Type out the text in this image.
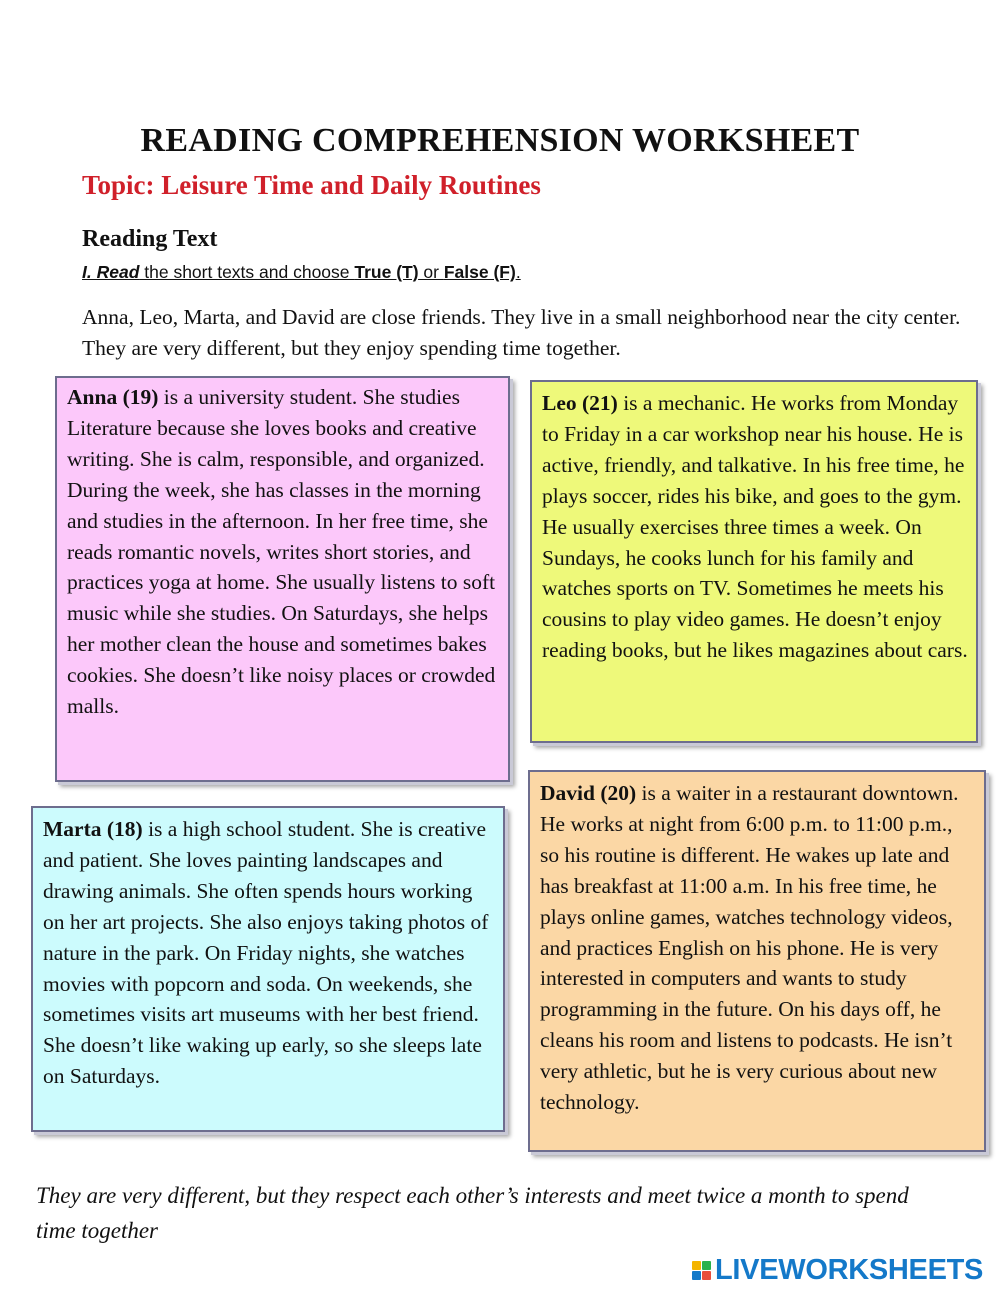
READING COMPREHENSION WORKSHEET
Topic: Leisure Time and Daily Routines
Reading Text
I. Read the short texts and choose True (T) or False (F).
Anna, Leo, Marta, and David are close friends. They live in a small neighborhood near the city center. They are very different, but they enjoy spending time together.
Anna (19) is a university student. She studies Literature because she loves books and creative writing. She is calm, responsible, and organized. During the week, she has classes in the morning and studies in the afternoon. In her free time, she reads romantic novels, writes short stories, and practices yoga at home. She usually listens to soft music while she studies. On Saturdays, she helps her mother clean the house and sometimes bakes cookies. She doesn’t like noisy places or crowded malls.
Leo (21) is a mechanic. He works from Monday to Friday in a car workshop near his house. He is active, friendly, and talkative. In his free time, he plays soccer, rides his bike, and goes to the gym. He usually exercises three times a week. On Sundays, he cooks lunch for his family and watches sports on TV. Sometimes he meets his cousins to play video games. He doesn’t enjoy reading books, but he likes magazines about cars.
Marta (18) is a high school student. She is creative and patient. She loves painting landscapes and drawing animals. She often spends hours working on her art projects. She also enjoys taking photos of nature in the park. On Friday nights, she watches movies with popcorn and soda. On weekends, she sometimes visits art museums with her best friend. She doesn’t like waking up early, so she sleeps late on Saturdays.
David (20) is a waiter in a restaurant downtown. He works at night from 6:00 p.m. to 11:00 p.m., so his routine is different. He wakes up late and has breakfast at 11:00 a.m. In his free time, he plays online games, watches technology videos, and practices English on his phone. He is very interested in computers and wants to study programming in the future. On his days off, he cleans his room and listens to podcasts. He isn’t very athletic, but he is very curious about new technology.
They are very different, but they respect each other’s interests and meet twice a month to spend time together
LIVEWORKSHEETS
